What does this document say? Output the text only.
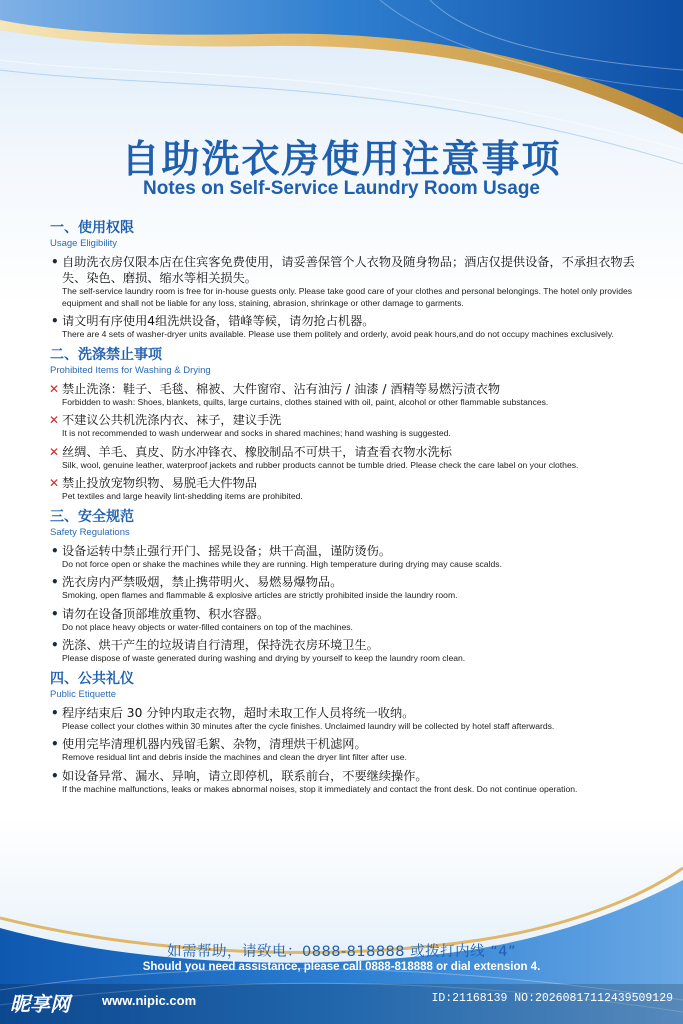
自助洗衣房使用注意事项
Notes on Self-Service Laundry Room Usage
一、使用权限
Usage Eligibility
• 自助洗衣房仅限本店在住宾客免费使用，请妥善保管个人衣物及随身物品；酒店仅提供设备，不承担衣物丢失、染色、磨损、缩水等相关损失。
The self-service laundry room is free for in-house guests only. Please take good care of your clothes and personal belongings. The hotel only provides equipment and shall not be liable for any loss, staining, abrasion, shrinkage or other damage to garments.
• 请文明有序使用4组洗烘设备，错峰等候，请勿抢占机器。
There are 4 sets of washer-dryer units available. Please use them politely and orderly, avoid peak hours,and do not occupy machines exclusively.
二、洗涤禁止事项
Prohibited Items for Washing & Drying
✕ 禁止洗涤：鞋子、毛毯、棉被、大件窗帘、沾有油污 / 油漆 / 酒精等易燃污渍衣物
Forbidden to wash: Shoes, blankets, quilts, large curtains, clothes stained with oil, paint, alcohol or other flammable substances.
✕ 不建议公共机洗涤内衣、袜子，建议手洗
It is not recommended to wash underwear and socks in shared machines; hand washing is suggested.
✕ 丝绸、羊毛、真皮、防水冲锋衣、橡胶制品不可烘干，请查看衣物水洗标
Silk, wool, genuine leather, waterproof jackets and rubber products cannot be tumble dried. Please check the care label on your clothes.
✕ 禁止投放宠物织物、易脱毛大件物品
Pet textiles and large heavily lint-shedding items are prohibited.
三、安全规范
Safety Regulations
• 设备运转中禁止强行开门、摇晃设备；烘干高温，谨防烫伤。
Do not force open or shake the machines while they are running. High temperature during drying may cause scalds.
• 洗衣房内严禁吸烟，禁止携带明火、易燃易爆物品。
Smoking, open flames and flammable & explosive articles are strictly prohibited inside the laundry room.
• 请勿在设备顶部堆放重物、积水容器。
Do not place heavy objects or water-filled containers on top of the machines.
• 洗涤、烘干产生的垃圾请自行清理，保持洗衣房环境卫生。
Please dispose of waste generated during washing and drying by yourself to keep the laundry room clean.
四、公共礼仪
Public Etiquette
• 程序结束后 30 分钟内取走衣物，超时未取工作人员将统一收纳。
Please collect your clothes within 30 minutes after the cycle finishes. Unclaimed laundry will be collected by hotel staff afterwards.
• 使用完毕清理机器内残留毛絮、杂物，清理烘干机滤网。
Remove residual lint and debris inside the machines and clean the dryer lint filter after use.
• 如设备异常、漏水、异响，请立即停机，联系前台，不要继续操作。
If the machine malfunctions, leaks or makes abnormal noises, stop it immediately and contact the front desk. Do not continue operation.
如需帮助，请致电：0888-818888 或拨打内线 “4”
Should you need assistance, please call 0888-818888 or dial extension 4.
昵享网 www.nipic.com	ID:21168139 NO:20260817112439509129
